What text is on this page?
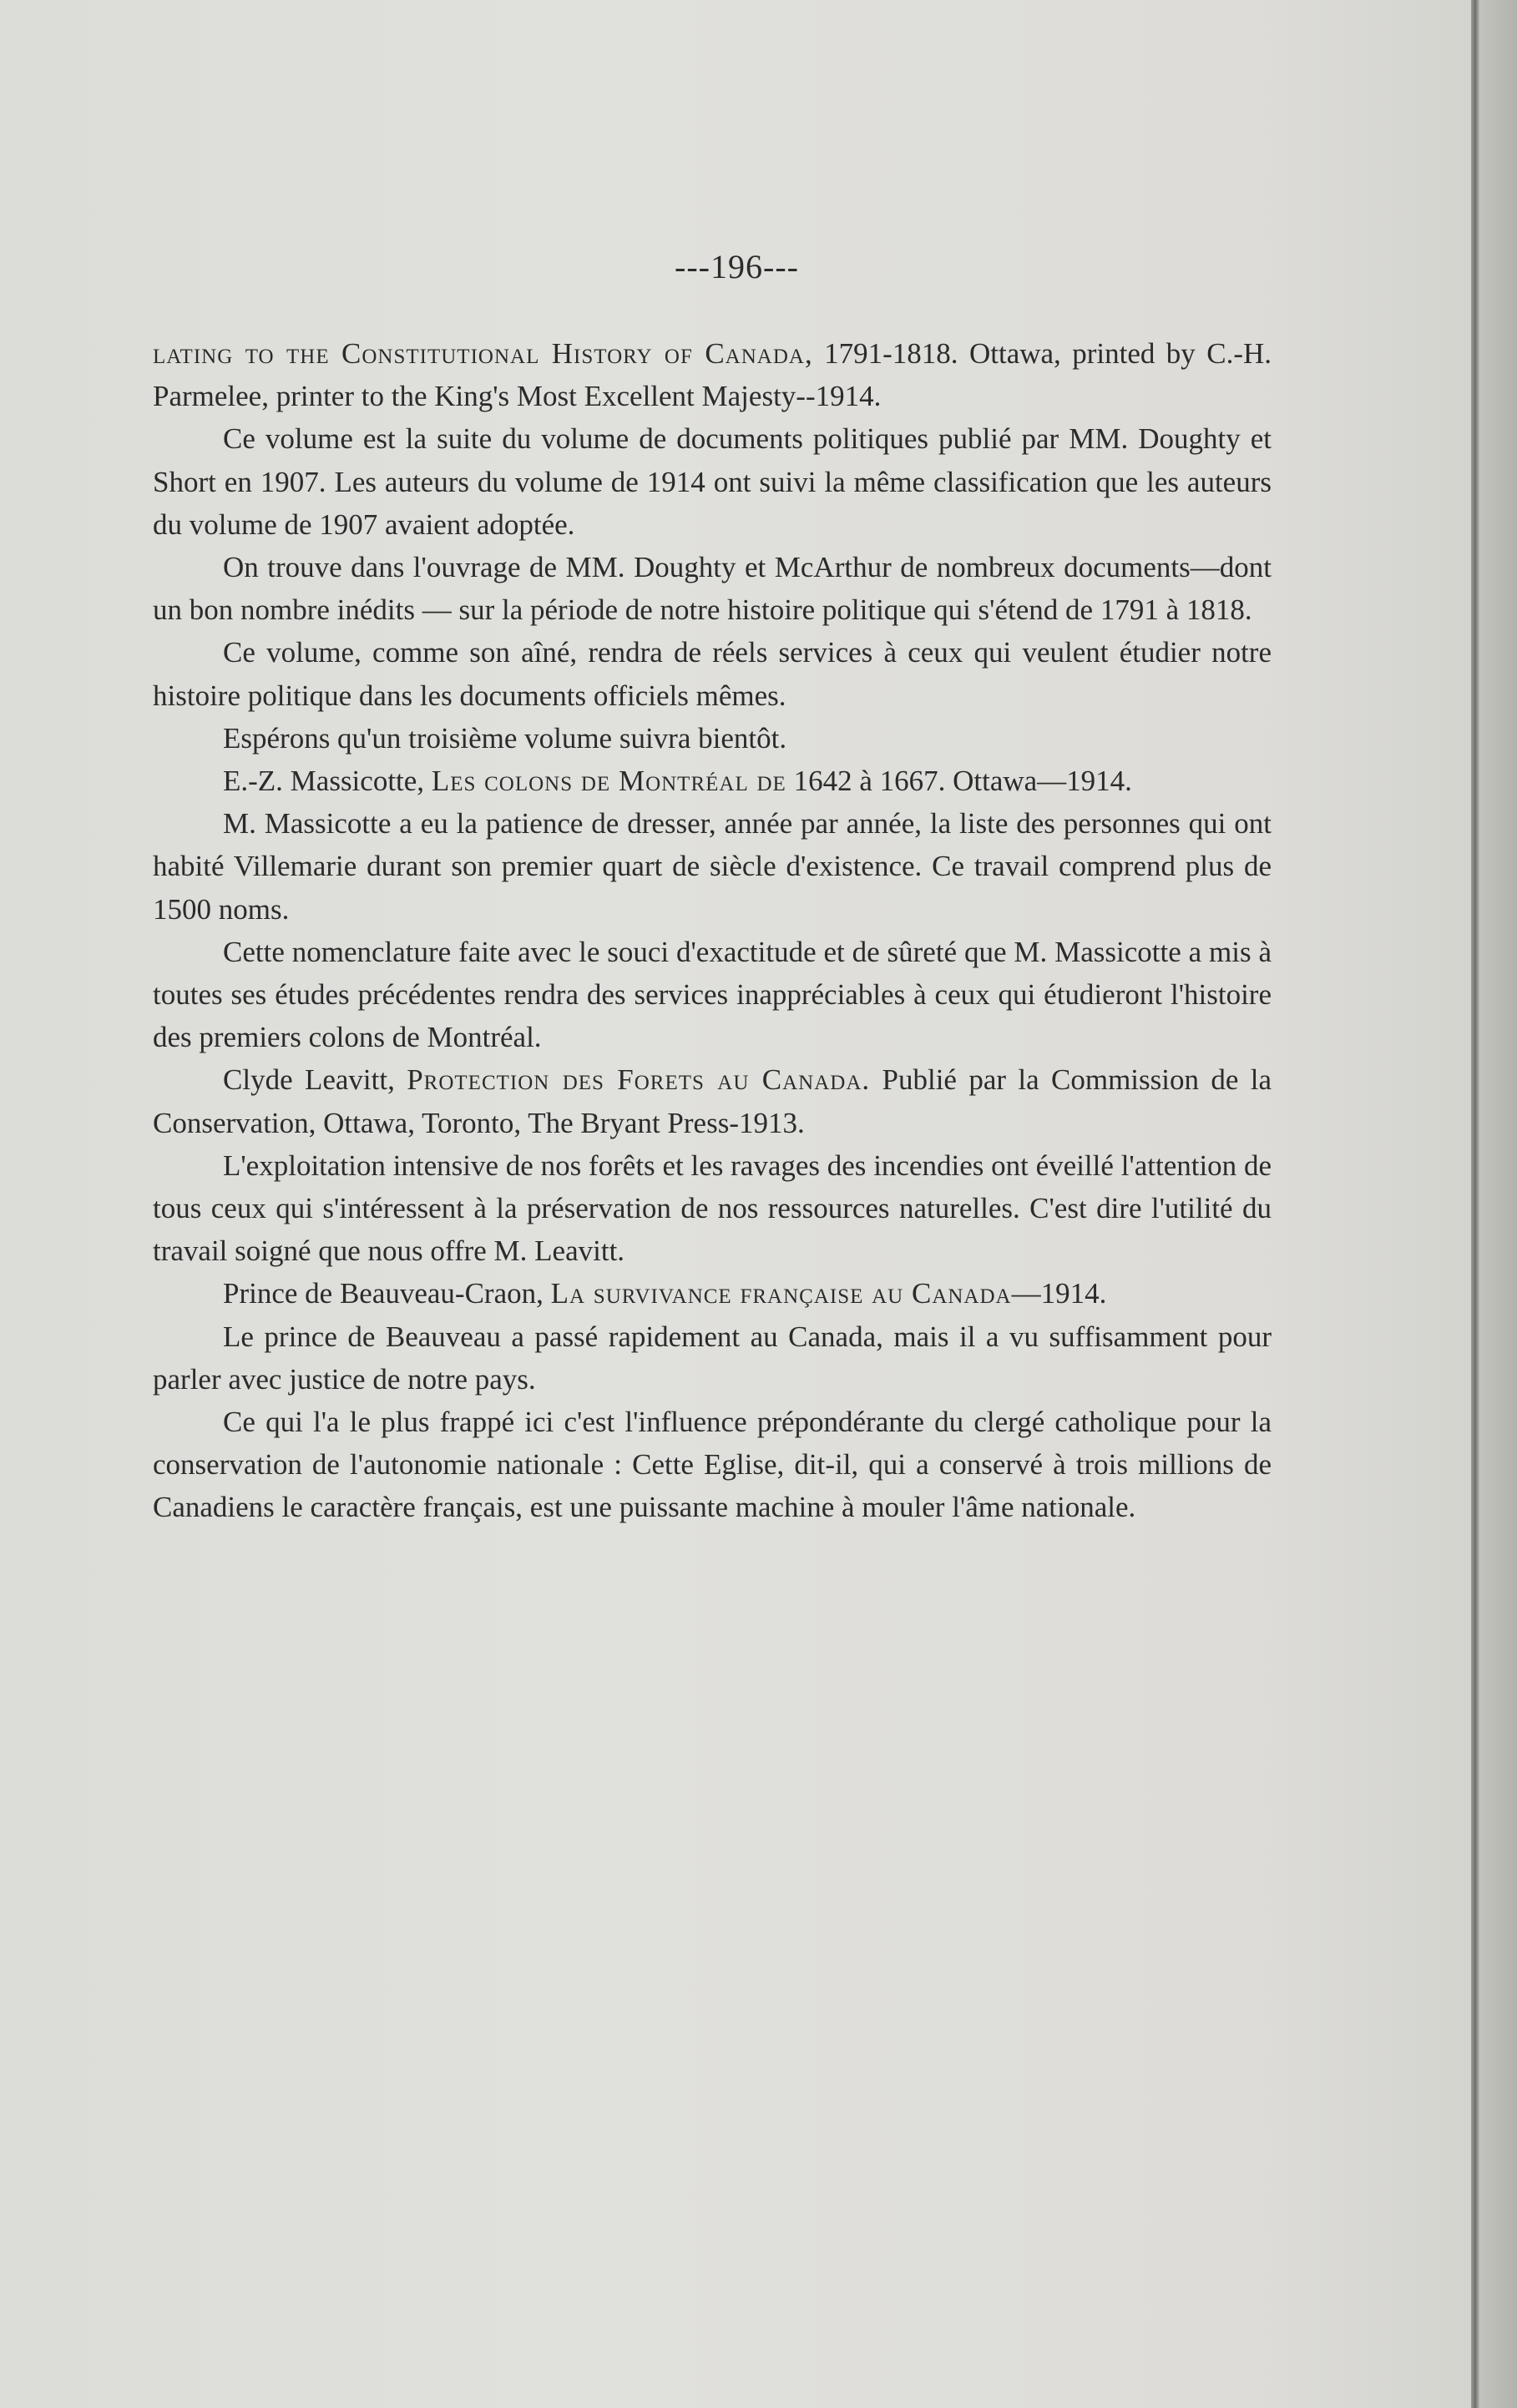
---196---

lating to the Constitutional History of Canada, 1791-1818. Ottawa, printed by C.-H. Parmelee, printer to the King's Most Excellent Majesty--1914.

Ce volume est la suite du volume de documents politiques publié par MM. Doughty et Short en 1907. Les auteurs du volume de 1914 ont suivi la même classification que les auteurs du volume de 1907 avaient adoptée.

On trouve dans l'ouvrage de MM. Doughty et McArthur de nombreux documents—dont un bon nombre inédits — sur la période de notre histoire politique qui s'étend de 1791 à 1818.

Ce volume, comme son aîné, rendra de réels services à ceux qui veulent étudier notre histoire politique dans les documents officiels mêmes.

Espérons qu'un troisième volume suivra bientôt.

E.-Z. Massicotte, Les colons de Montréal de 1642 à 1667. Ottawa—1914.

M. Massicotte a eu la patience de dresser, année par année, la liste des personnes qui ont habité Villemarie durant son premier quart de siècle d'existence. Ce travail comprend plus de 1500 noms.

Cette nomenclature faite avec le souci d'exactitude et de sûreté que M. Massicotte a mis à toutes ses études précédentes rendra des services inappréciables à ceux qui étudieront l'histoire des premiers colons de Montréal.

Clyde Leavitt, Protection des Forets au Canada. Publié par la Commission de la Conservation, Ottawa, Toronto, The Bryant Press-1913.

L'exploitation intensive de nos forêts et les ravages des incendies ont éveillé l'attention de tous ceux qui s'intéressent à la préservation de nos ressources naturelles. C'est dire l'utilité du travail soigné que nous offre M. Leavitt.

Prince de Beauveau-Craon, La survivance française au Canada—1914.

Le prince de Beauveau a passé rapidement au Canada, mais il a vu suffisamment pour parler avec justice de notre pays.

Ce qui l'a le plus frappé ici c'est l'influence prépondérante du clergé catholique pour la conservation de l'autonomie nationale : Cette Eglise, dit-il, qui a conservé à trois millions de Canadiens le caractère français, est une puissante machine à mouler l'âme nationale.
